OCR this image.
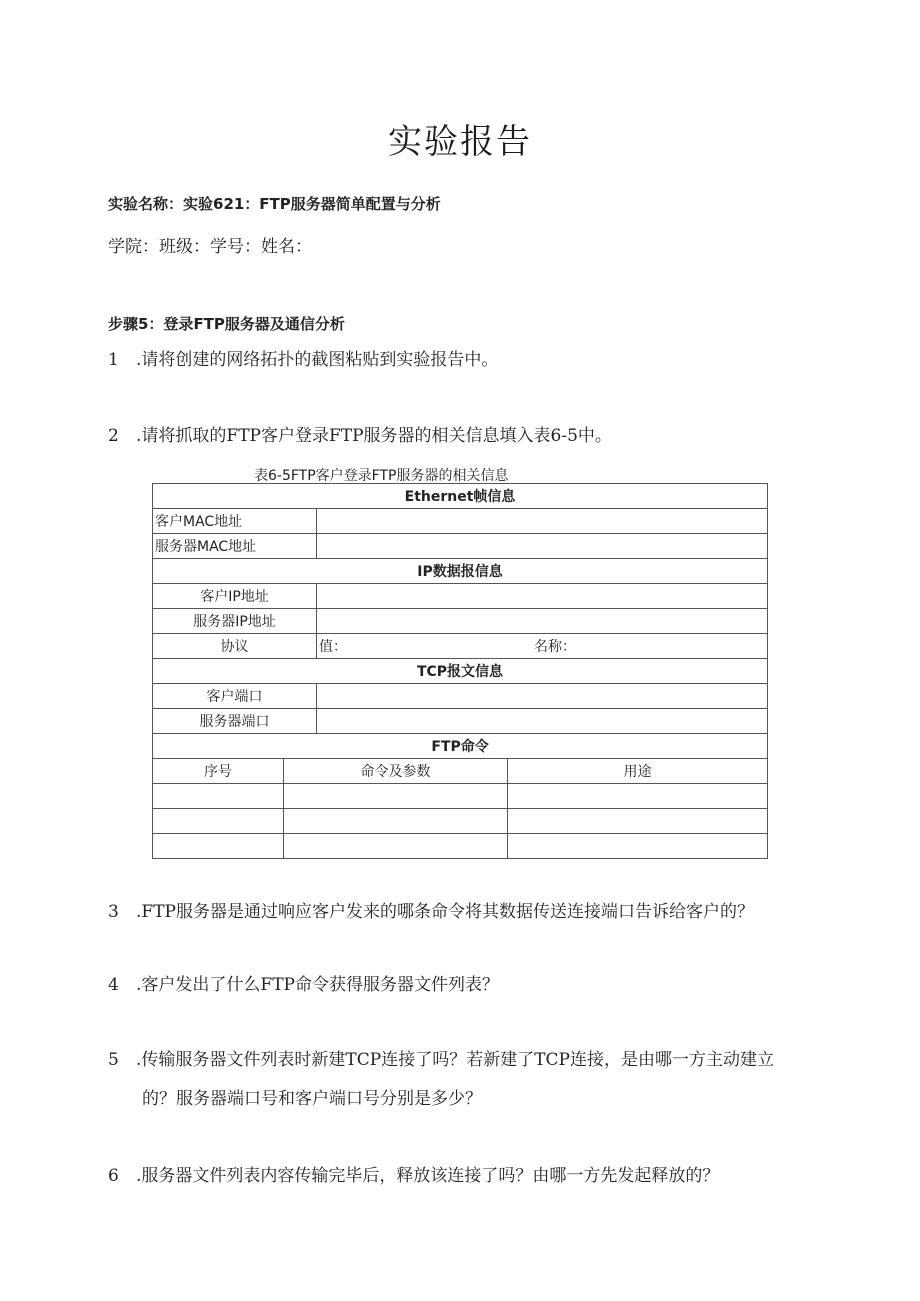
实验报告
实验名称：实验621：FTP服务器简单配置与分析
学院：班级：学号：姓名：
步骤5：登录FTP服务器及通信分析
1 .请将创建的网络拓扑的截图粘贴到实验报告中。
2 .请将抓取的FTP客户登录FTP服务器的相关信息填入表6-5中。
表6-5FTP客户登录FTP服务器的相关信息
Ethernet帧信息			
客户MAC地址			
服务器MAC地址			
IP数据报信息			
客户IP地址			
服务器IP地址			
协议		值： 名称：	
TCP报文信息			
客户端口			
服务器端口			
FTP命令			
序号	命令及参数		用途

3 .FTP服务器是通过响应客户发来的哪条命令将其数据传送连接端口告诉给客户的？
4 .客户发出了什么FTP命令获得服务器文件列表？
5 .传输服务器文件列表时新建TCP连接了吗？若新建了TCP连接，是由哪一方主动建立
的？服务器端口号和客户端口号分别是多少？
6 .服务器文件列表内容传输完毕后，释放该连接了吗？由哪一方先发起释放的？
